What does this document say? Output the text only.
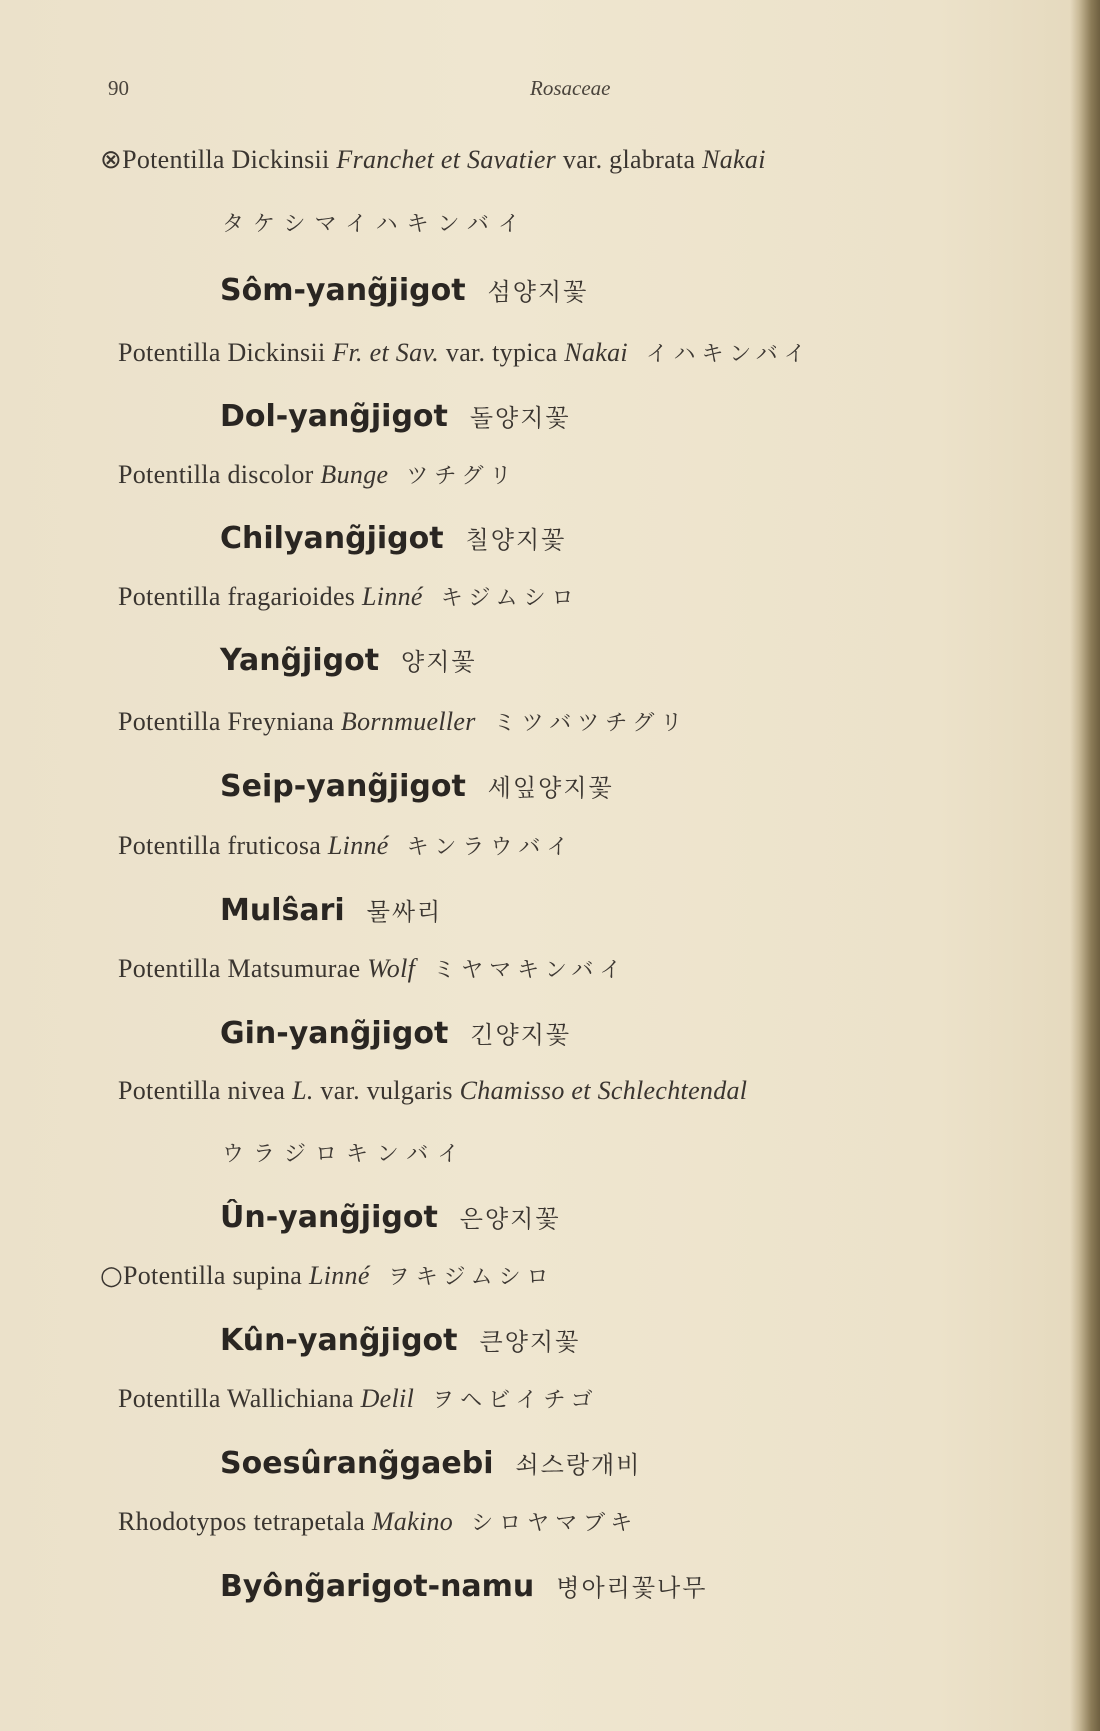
90	Rosaceae
⊗Potentilla Dickinsii Franchet et Savatier var. glabrata Nakai
タケシマイハキンバイ
Sôm-yang̃jigot 섬양지꽃
Potentilla Dickinsii Fr. et Sav. var. typica Nakai イハキンバイ
Dol-yang̃jigot 돌양지꽃
Potentilla discolor Bunge ツチグリ
Chilyang̃jigot 칠양지꽃
Potentilla fragarioides Linné キジムシロ
Yang̃jigot 양지꽃
Potentilla Freyniana Bornmueller ミツバツチグリ
Seip-yang̃jigot 세잎양지꽃
Potentilla fruticosa Linné キンラウバイ
Mulŝari 물싸리
Potentilla Matsumurae Wolf ミヤマキンバイ
Gin-yang̃jigot 긴양지꽃
Potentilla nivea L. var. vulgaris Chamisso et Schlechtendal
ウラジロキンバイ
Ûn-yang̃jigot 은양지꽃
○Potentilla supina Linné ヲキジムシロ
Kûn-yang̃jigot 큰양지꽃
Potentilla Wallichiana Delil ヲヘビイチゴ
Soesûrang̃gaebi 쇠스랑개비
Rhodotypos tetrapetala Makino シロヤマブキ
Byông̃arigot-namu 병아리꽃나무
